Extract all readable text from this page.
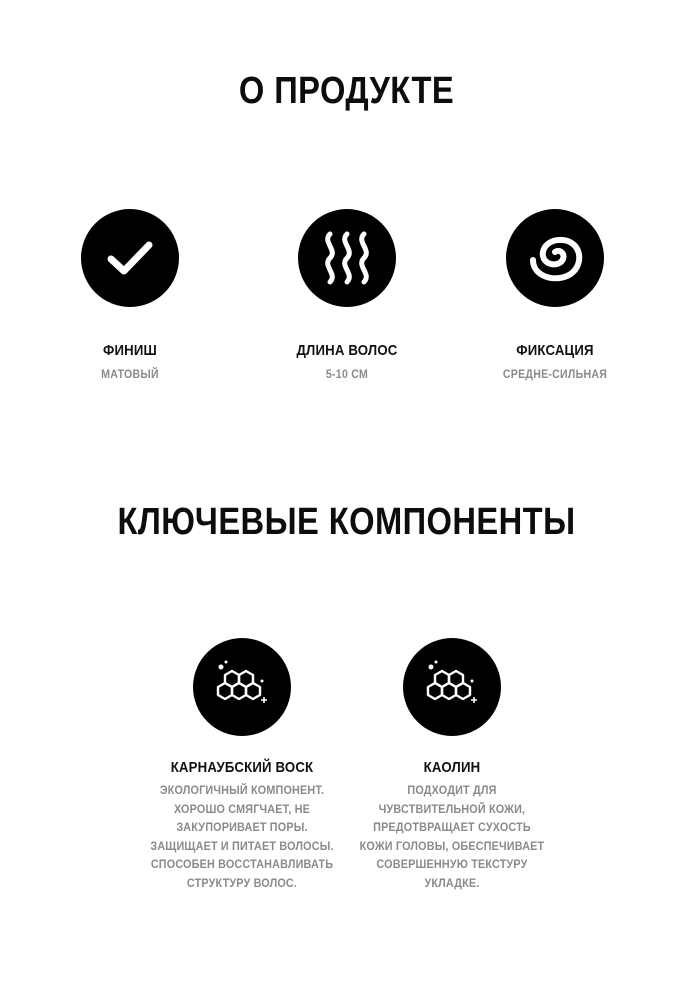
О ПРОДУКТЕ
ФИНИШ
МАТОВЫЙ
ДЛИНА ВОЛОС
5-10 СМ
ФИКСАЦИЯ
СРЕДНЕ-СИЛЬНАЯ
КЛЮЧЕВЫЕ КОМПОНЕНТЫ
КАРНАУБСКИЙ ВОСК
ЭКОЛОГИЧНЫЙ КОМПОНЕНТ.
ХОРОШО СМЯГЧАЕТ, НЕ
ЗАКУПОРИВАЕТ ПОРЫ.
ЗАЩИЩАЕТ И ПИТАЕТ ВОЛОСЫ.
СПОСОБЕН ВОССТАНАВЛИВАТЬ
СТРУКТУРУ ВОЛОС.
КАОЛИН
ПОДХОДИТ ДЛЯ
ЧУВСТВИТЕЛЬНОЙ КОЖИ,
ПРЕДОТВРАЩАЕТ СУХОСТЬ
КОЖИ ГОЛОВЫ, ОБЕСПЕЧИВАЕТ
СОВЕРШЕННУЮ ТЕКСТУРУ
УКЛАДКЕ.
